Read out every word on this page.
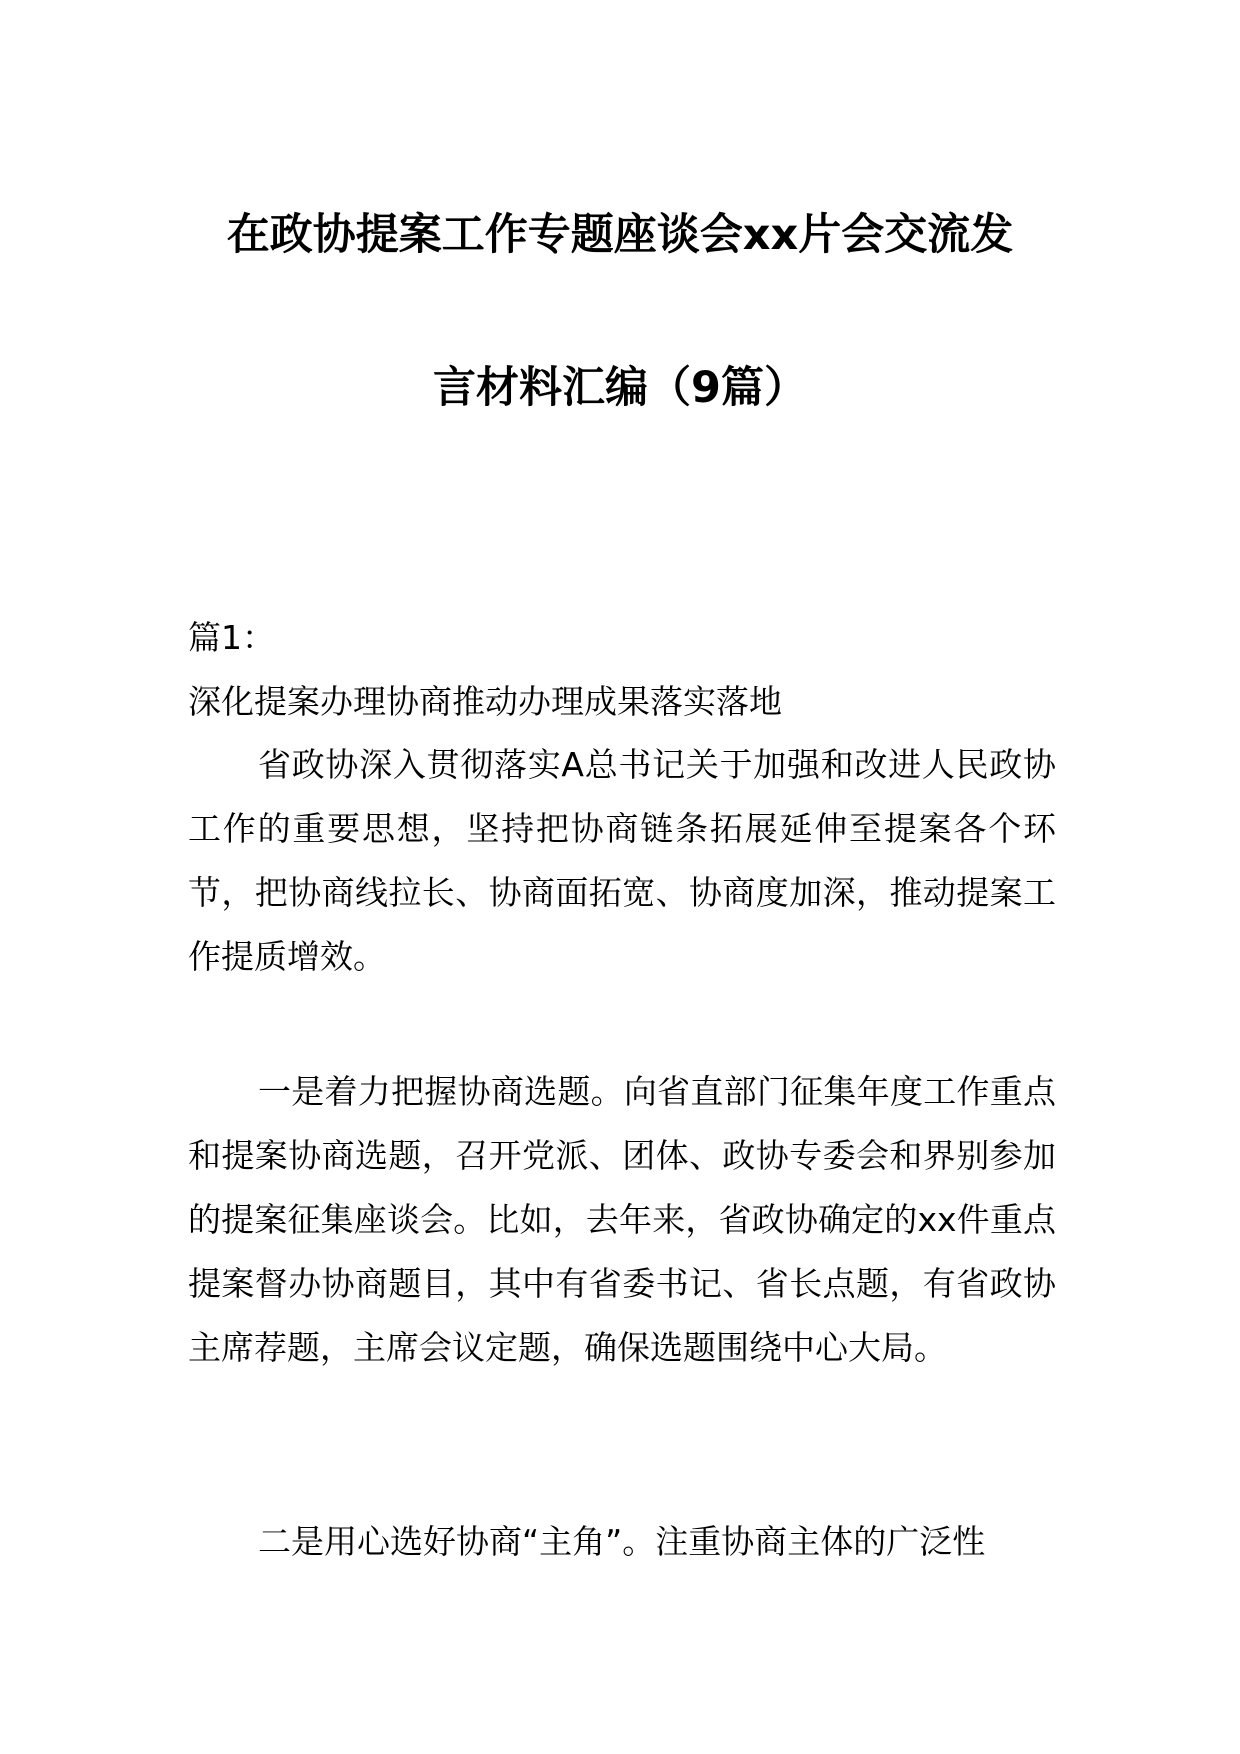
在政协提案工作专题座谈会xx片会交流发
言材料汇编（9篇）
篇1：
深化提案办理协商推动办理成果落实落地
省政协深入贯彻落实A总书记关于加强和改进人民政协工作的重要思想，坚持把协商链条拓展延伸至提案各个环节，把协商线拉长、协商面拓宽、协商度加深，推动提案工作提质增效。
一是着力把握协商选题。向省直部门征集年度工作重点和提案协商选题，召开党派、团体、政协专委会和界别参加的提案征集座谈会。比如，去年来，省政协确定的xx件重点提案督办协商题目，其中有省委书记、省长点题，有省政协主席荐题，主席会议定题，确保选题围绕中心大局。
二是用心选好协商“主角”。注重协商主体的广泛性
